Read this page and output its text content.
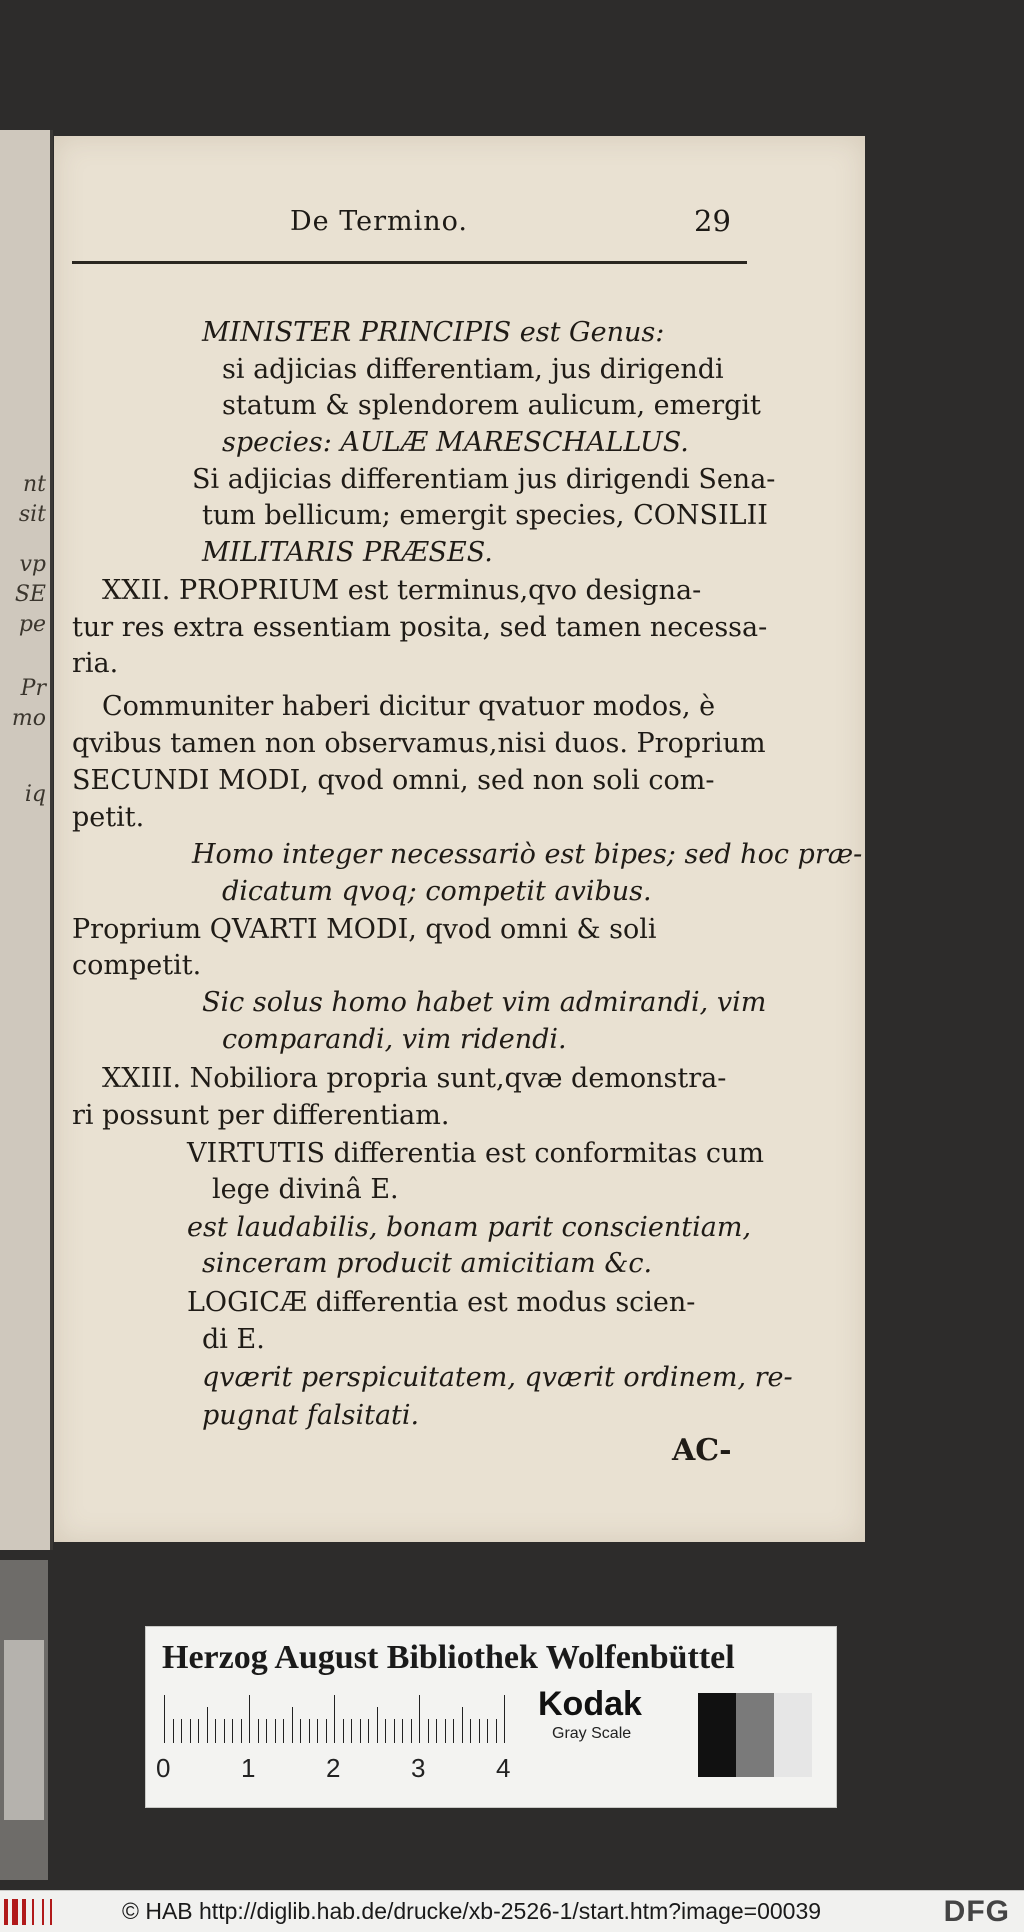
nt
sit
vp
SE
pe
Pr
mo
iq
De Termino.	29
MINISTER PRINCIPIS est Genus:
si adjicias differentiam, jus dirigendi
statum & splendorem aulicum, emergit
species: AULÆ MARESCHALLUS.
Si adjicias differentiam jus dirigendi Sena-
tum bellicum; emergit species, CONSILII
MILITARIS PRÆSES.
XXII. PROPRIUM est terminus,qvo designa-
tur res extra essentiam posita, sed tamen necessa-
ria.
Communiter haberi dicitur qvatuor modos, è
qvibus tamen non observamus,nisi duos. Proprium
SECUNDI MODI, qvod omni, sed non soli com-
petit.
Homo integer necessariò est bipes; sed hoc præ-
dicatum qvoq; competit avibus.
Proprium QVARTI MODI, qvod omni & soli
competit.
Sic solus homo habet vim admirandi, vim
comparandi, vim ridendi.
XXIII. Nobiliora propria sunt,qvæ demonstra-
ri possunt per differentiam.
VIRTUTIS differentia est conformitas cum
lege divinâ E.
est laudabilis, bonam parit conscientiam,
sinceram producit amicitiam &c.
LOGICÆ differentia est modus scien-
di E.
qværit perspicuitatem, qværit ordinem, re-
pugnat falsitati.
AC-
Herzog August Bibliothek Wolfenbüttel
Kodak
Gray Scale
0	1	2	3	4
© HAB http://diglib.hab.de/drucke/xb-2526-1/start.htm?image=00039	DFG
